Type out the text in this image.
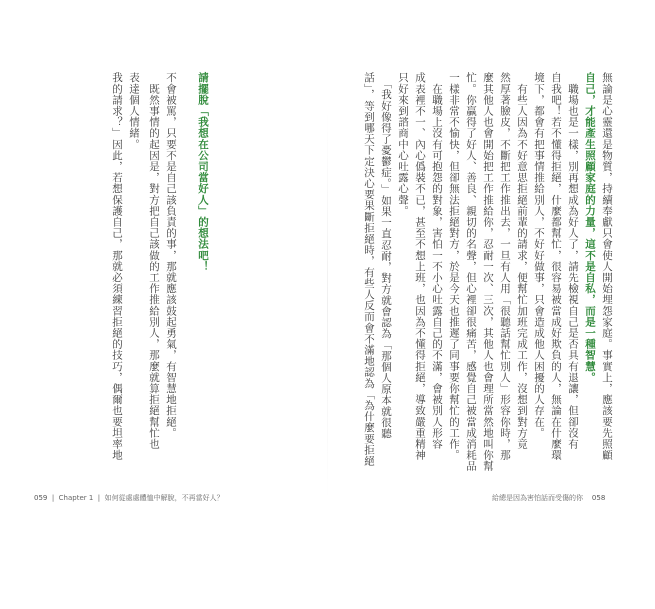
我的請求？」因此，若想保護自己，那就必須練習拒絕的技巧，偶爾也要坦率地 表達個人情緒。 　既然事情的起因是，對方把自己該做的工作推給別人，那麼就算拒絕幫忙也 不會被罵，只要不是自己該負責的事，那就應該鼓起勇氣，有智慧地拒絕。 請擺脫「我想在公司當好人」的想法吧！
059  |  Chapter 1  |  如何從處處體恤中解脫，不再當好人？
話」，等到哪天下定決心要果斷拒絕時，有些人反而會不滿地認為「為什麼要拒絕 　「我好像得了憂鬱症。」如果一直忍耐，對方就會認為「那個人原本就很聽 只好來到諮商中心吐露心聲。 成表裡不一、內心僞裝不已，甚至不想上班，也因為不懂得拒絕，導致嚴重精神 　在職場上沒有可抱怨的對象，害怕一不小心吐露自己的不滿，會被別人形容 一樣非常不愉快，但卻無法拒絕對方，於是今天也推遲了同事要你幫忙的工作。 忙。你贏得了好人、善良、親切的名聲，但心裡卻很痛苦，感覺自己被當成消耗品 麼其他人也會開始把工作推給你，忍耐一次、三次，其他人也會理所當然地叫你幫 然厚著臉皮，不斷把工作推出去，一旦有人用「很聽話幫忙別人」形容你時，那 　有些人因為不好意思拒絕前輩的請求，便幫忙加班完成工作，沒想到對方竟 境下，都會有把事情推給別人，不好好做事，只會造成他人困擾的人存在。 自我吧！若不懂得拒絕，什麼都幫忙，很容易被當成好欺負的人，無論在什麼環 　職場也是一樣，別再想成為好人了，請先檢視自己是否具有退讓，但卻沒有 自己，才能產生照顧家庭的力量，這不是自私，而是一種智慧。 無論是心靈還是物質，持續奉獻只會使人開始埋怨家庭。事實上，應該要先照顧
給總是因為害怕話而受傷的你 058
